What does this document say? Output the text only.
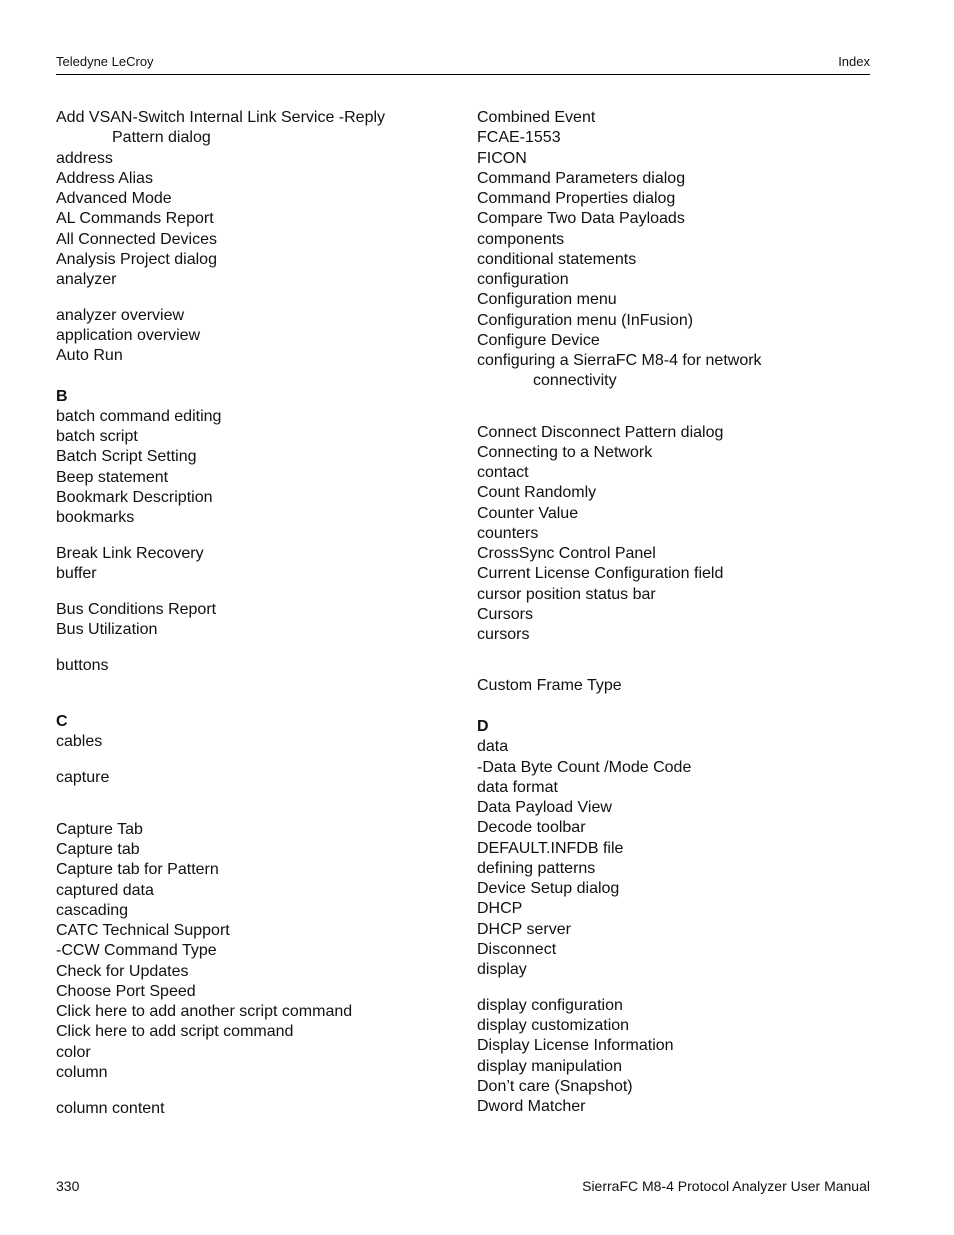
Teledyne LeCroy	Index
Add VSAN-Switch Internal Link Service -Reply
Pattern dialog
address
Address Alias
Advanced Mode
AL Commands Report
All Connected Devices
Analysis Project dialog
analyzer
analyzer overview
application overview
Auto Run
B
batch command editing
batch script
Batch Script Setting
Beep statement
Bookmark Description
bookmarks
Break Link Recovery
buffer
Bus Conditions Report
Bus Utilization
buttons
C
cables
capture
Capture Tab
Capture tab
Capture tab for Pattern
captured data
cascading
CATC Technical Support
-CCW Command Type
Check for Updates
Choose Port Speed
Click here to add another script command
Click here to add script command
color
column
column content
Combined Event
FCAE-1553
FICON
Command Parameters dialog
Command Properties dialog
Compare Two Data Payloads
components
conditional statements
configuration
Configuration menu
Configuration menu (InFusion)
Configure Device
configuring a SierraFC M8-4 for network
connectivity
Connect Disconnect Pattern dialog
Connecting to a Network
contact
Count Randomly
Counter Value
counters
CrossSync Control Panel
Current License Configuration field
cursor position status bar
Cursors
cursors
Custom Frame Type
D
data
-Data Byte Count /Mode Code
data format
Data Payload View
Decode toolbar
DEFAULT.INFDB file
defining patterns
Device Setup dialog
DHCP
DHCP server
Disconnect
display
display configuration
display customization
Display License Information
display manipulation
Don’t care (Snapshot)
Dword Matcher
330	SierraFC M8-4 Protocol Analyzer User Manual
